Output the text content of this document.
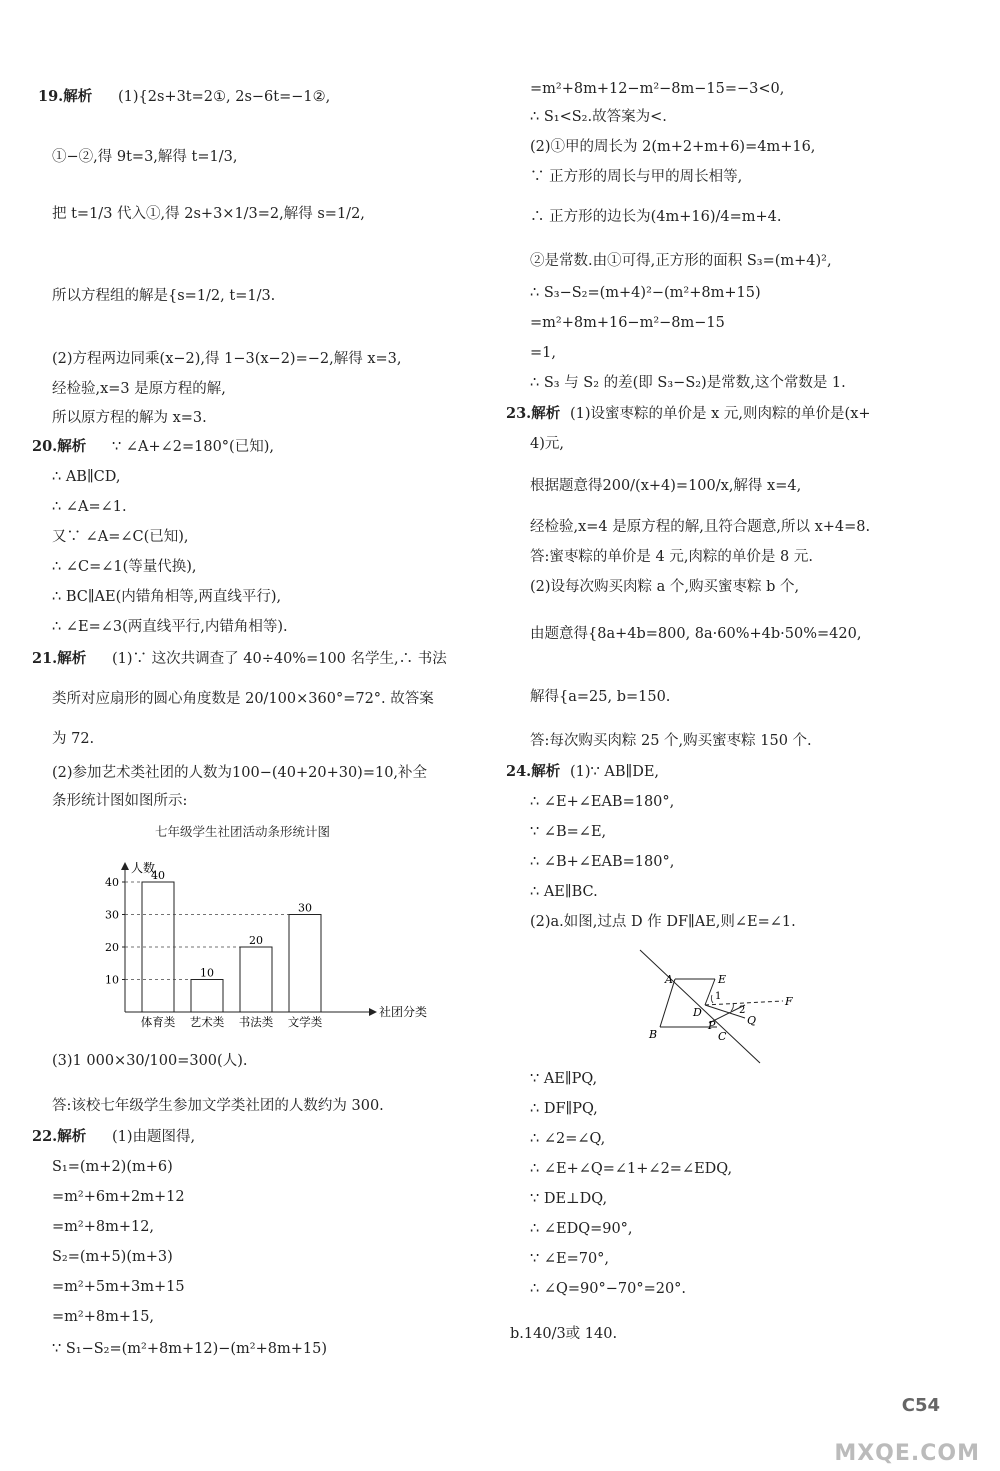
19.解析 (1){2s+3t=2①, 2s−6t=−1②,
①−②,得 9t=3,解得 t=1/3,
把 t=1/3 代入①,得 2s+3×1/3=2,解得 s=1/2,
所以方程组的解是{s=1/2, t=1/3.
(2)方程两边同乘(x−2),得 1−3(x−2)=−2,解得 x=3,
经检验,x=3 是原方程的解,
所以原方程的解为 x=3.
20.解析 ∵ ∠A+∠2=180°(已知),
∴ AB∥CD,
∴ ∠A=∠1.
又∵ ∠A=∠C(已知),
∴ ∠C=∠1(等量代换),
∴ BC∥AE(内错角相等,两直线平行),
∴ ∠E=∠3(两直线平行,内错角相等).
21.解析 (1)∵ 这次共调查了 40÷40%=100 名学生,∴ 书法
类所对应扇形的圆心角度数是 20/100×360°=72°. 故答案
为 72.
(2)参加艺术类社团的人数为100−(40+20+30)=10,补全
条形统计图如图所示:
七年级学生社团活动条形统计图
人数
社团分类
10
20
30
40
40
体育类
10
艺术类
20
书法类
30
文学类
(3)1 000×30/100=300(人).
答:该校七年级学生参加文学类社团的人数约为 300.
22.解析 (1)由题图得,
S₁=(m+2)(m+6)
=m²+6m+2m+12
=m²+8m+12,
S₂=(m+5)(m+3)
=m²+5m+3m+15
=m²+8m+15,
∵ S₁−S₂=(m²+8m+12)−(m²+8m+15)
=m²+8m+12−m²−8m−15=−3<0,
∴ S₁<S₂.故答案为<.
(2)①甲的周长为 2(m+2+m+6)=4m+16,
∵ 正方形的周长与甲的周长相等,
∴ 正方形的边长为(4m+16)/4=m+4.
②是常数.由①可得,正方形的面积 S₃=(m+4)²,
∴ S₃−S₂=(m+4)²−(m²+8m+15)
=m²+8m+16−m²−8m−15
=1,
∴ S₃ 与 S₂ 的差(即 S₃−S₂)是常数,这个常数是 1.
23.解析 (1)设蜜枣粽的单价是 x 元,则肉粽的单价是(x+
4)元,
根据题意得200/(x+4)=100/x,解得 x=4,
经检验,x=4 是原方程的解,且符合题意,所以 x+4=8.
答:蜜枣粽的单价是 4 元,肉粽的单价是 8 元.
(2)设每次购买肉粽 a 个,购买蜜枣粽 b 个,
由题意得{8a+4b=800, 8a·60%+4b·50%=420,
解得{a=25, b=150.
答:每次购买肉粽 25 个,购买蜜枣粽 150 个.
24.解析 (1)∵ AB∥DE,
∴ ∠E+∠EAB=180°,
∵ ∠B=∠E,
∴ ∠B+∠EAB=180°,
∴ AE∥BC.
(2)a.如图,过点 D 作 DF∥AE,则∠E=∠1.
A	E
1
2
F
D
P	Q
B	C
∵ AE∥PQ,
∴ DF∥PQ,
∴ ∠2=∠Q,
∴ ∠E+∠Q=∠1+∠2=∠EDQ,
∵ DE⊥DQ,
∴ ∠EDQ=90°,
∵ ∠E=70°,
∴ ∠Q=90°−70°=20°.
b.140/3或 140.
C54
MXQE.COM
